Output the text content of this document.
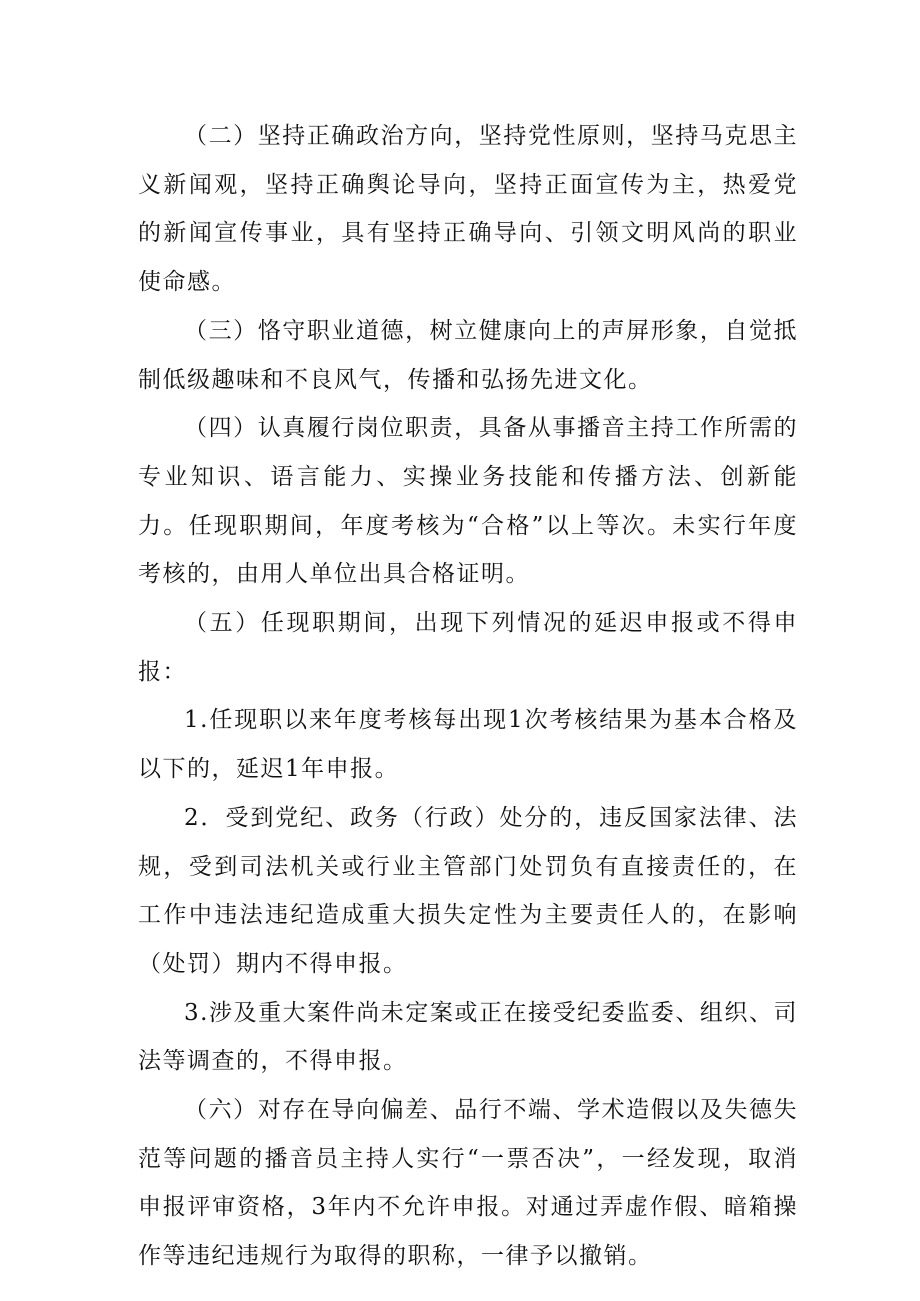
（二）坚持正确政治方向，坚持党性原则，坚持马克思主义新闻观，坚持正确舆论导向，坚持正面宣传为主，热爱党的新闻宣传事业，具有坚持正确导向、引领文明风尚的职业使命感。

（三）恪守职业道德，树立健康向上的声屏形象，自觉抵制低级趣味和不良风气，传播和弘扬先进文化。

（四）认真履行岗位职责，具备从事播音主持工作所需的专业知识、语言能力、实操业务技能和传播方法、创新能力。任现职期间，年度考核为“合格”以上等次。未实行年度考核的，由用人单位出具合格证明。

（五）任现职期间，出现下列情况的延迟申报或不得申报：

1.任现职以来年度考核每出现1次考核结果为基本合格及以下的，延迟1年申报。

2．受到党纪、政务（行政）处分的，违反国家法律、法规，受到司法机关或行业主管部门处罚负有直接责任的，在工作中违法违纪造成重大损失定性为主要责任人的，在影响（处罚）期内不得申报。

3.涉及重大案件尚未定案或正在接受纪委监委、组织、司法等调查的，不得申报。

（六）对存在导向偏差、品行不端、学术造假以及失德失范等问题的播音员主持人实行“一票否决”，一经发现，取消申报评审资格，3年内不允许申报。对通过弄虚作假、暗箱操作等违纪违规行为取得的职称，一律予以撤销。
